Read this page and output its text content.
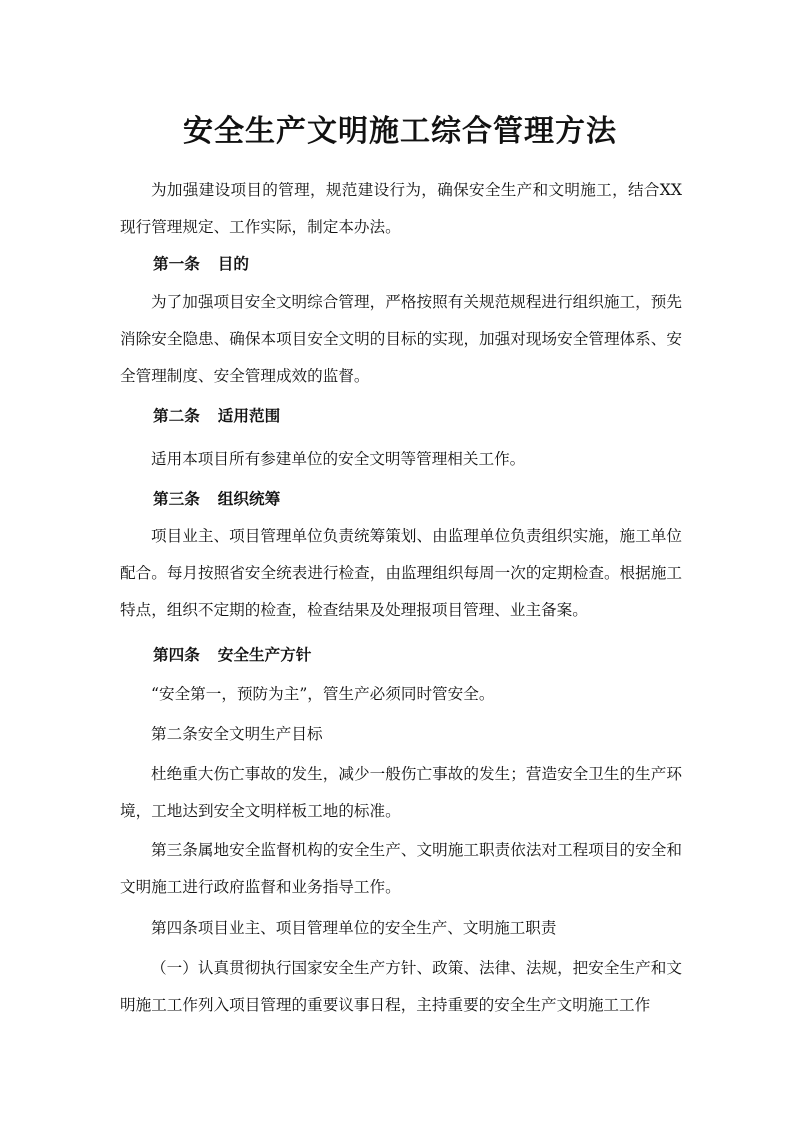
安全生产文明施工综合管理方法

为加强建设项目的管理，规范建设行为，确保安全生产和文明施工，结合XX现行管理规定、工作实际，制定本办法。

第一条 目的

为了加强项目安全文明综合管理，严格按照有关规范规程进行组织施工，预先消除安全隐患、确保本项目安全文明的目标的实现，加强对现场安全管理体系、安全管理制度、安全管理成效的监督。

第二条 适用范围

适用本项目所有参建单位的安全文明等管理相关工作。

第三条 组织统筹

项目业主、项目管理单位负责统筹策划、由监理单位负责组织实施，施工单位配合。每月按照省安全统表进行检查，由监理组织每周一次的定期检查。根据施工特点，组织不定期的检查，检查结果及处理报项目管理、业主备案。

第四条 安全生产方针

“安全第一，预防为主”，管生产必须同时管安全。

第二条安全文明生产目标

杜绝重大伤亡事故的发生，减少一般伤亡事故的发生；营造安全卫生的生产环境，工地达到安全文明样板工地的标准。

第三条属地安全监督机构的安全生产、文明施工职责依法对工程项目的安全和文明施工进行政府监督和业务指导工作。

第四条项目业主、项目管理单位的安全生产、文明施工职责

（一）认真贯彻执行国家安全生产方针、政策、法律、法规，把安全生产和文明施工工作列入项目管理的重要议事日程，主持重要的安全生产文明施工工作
